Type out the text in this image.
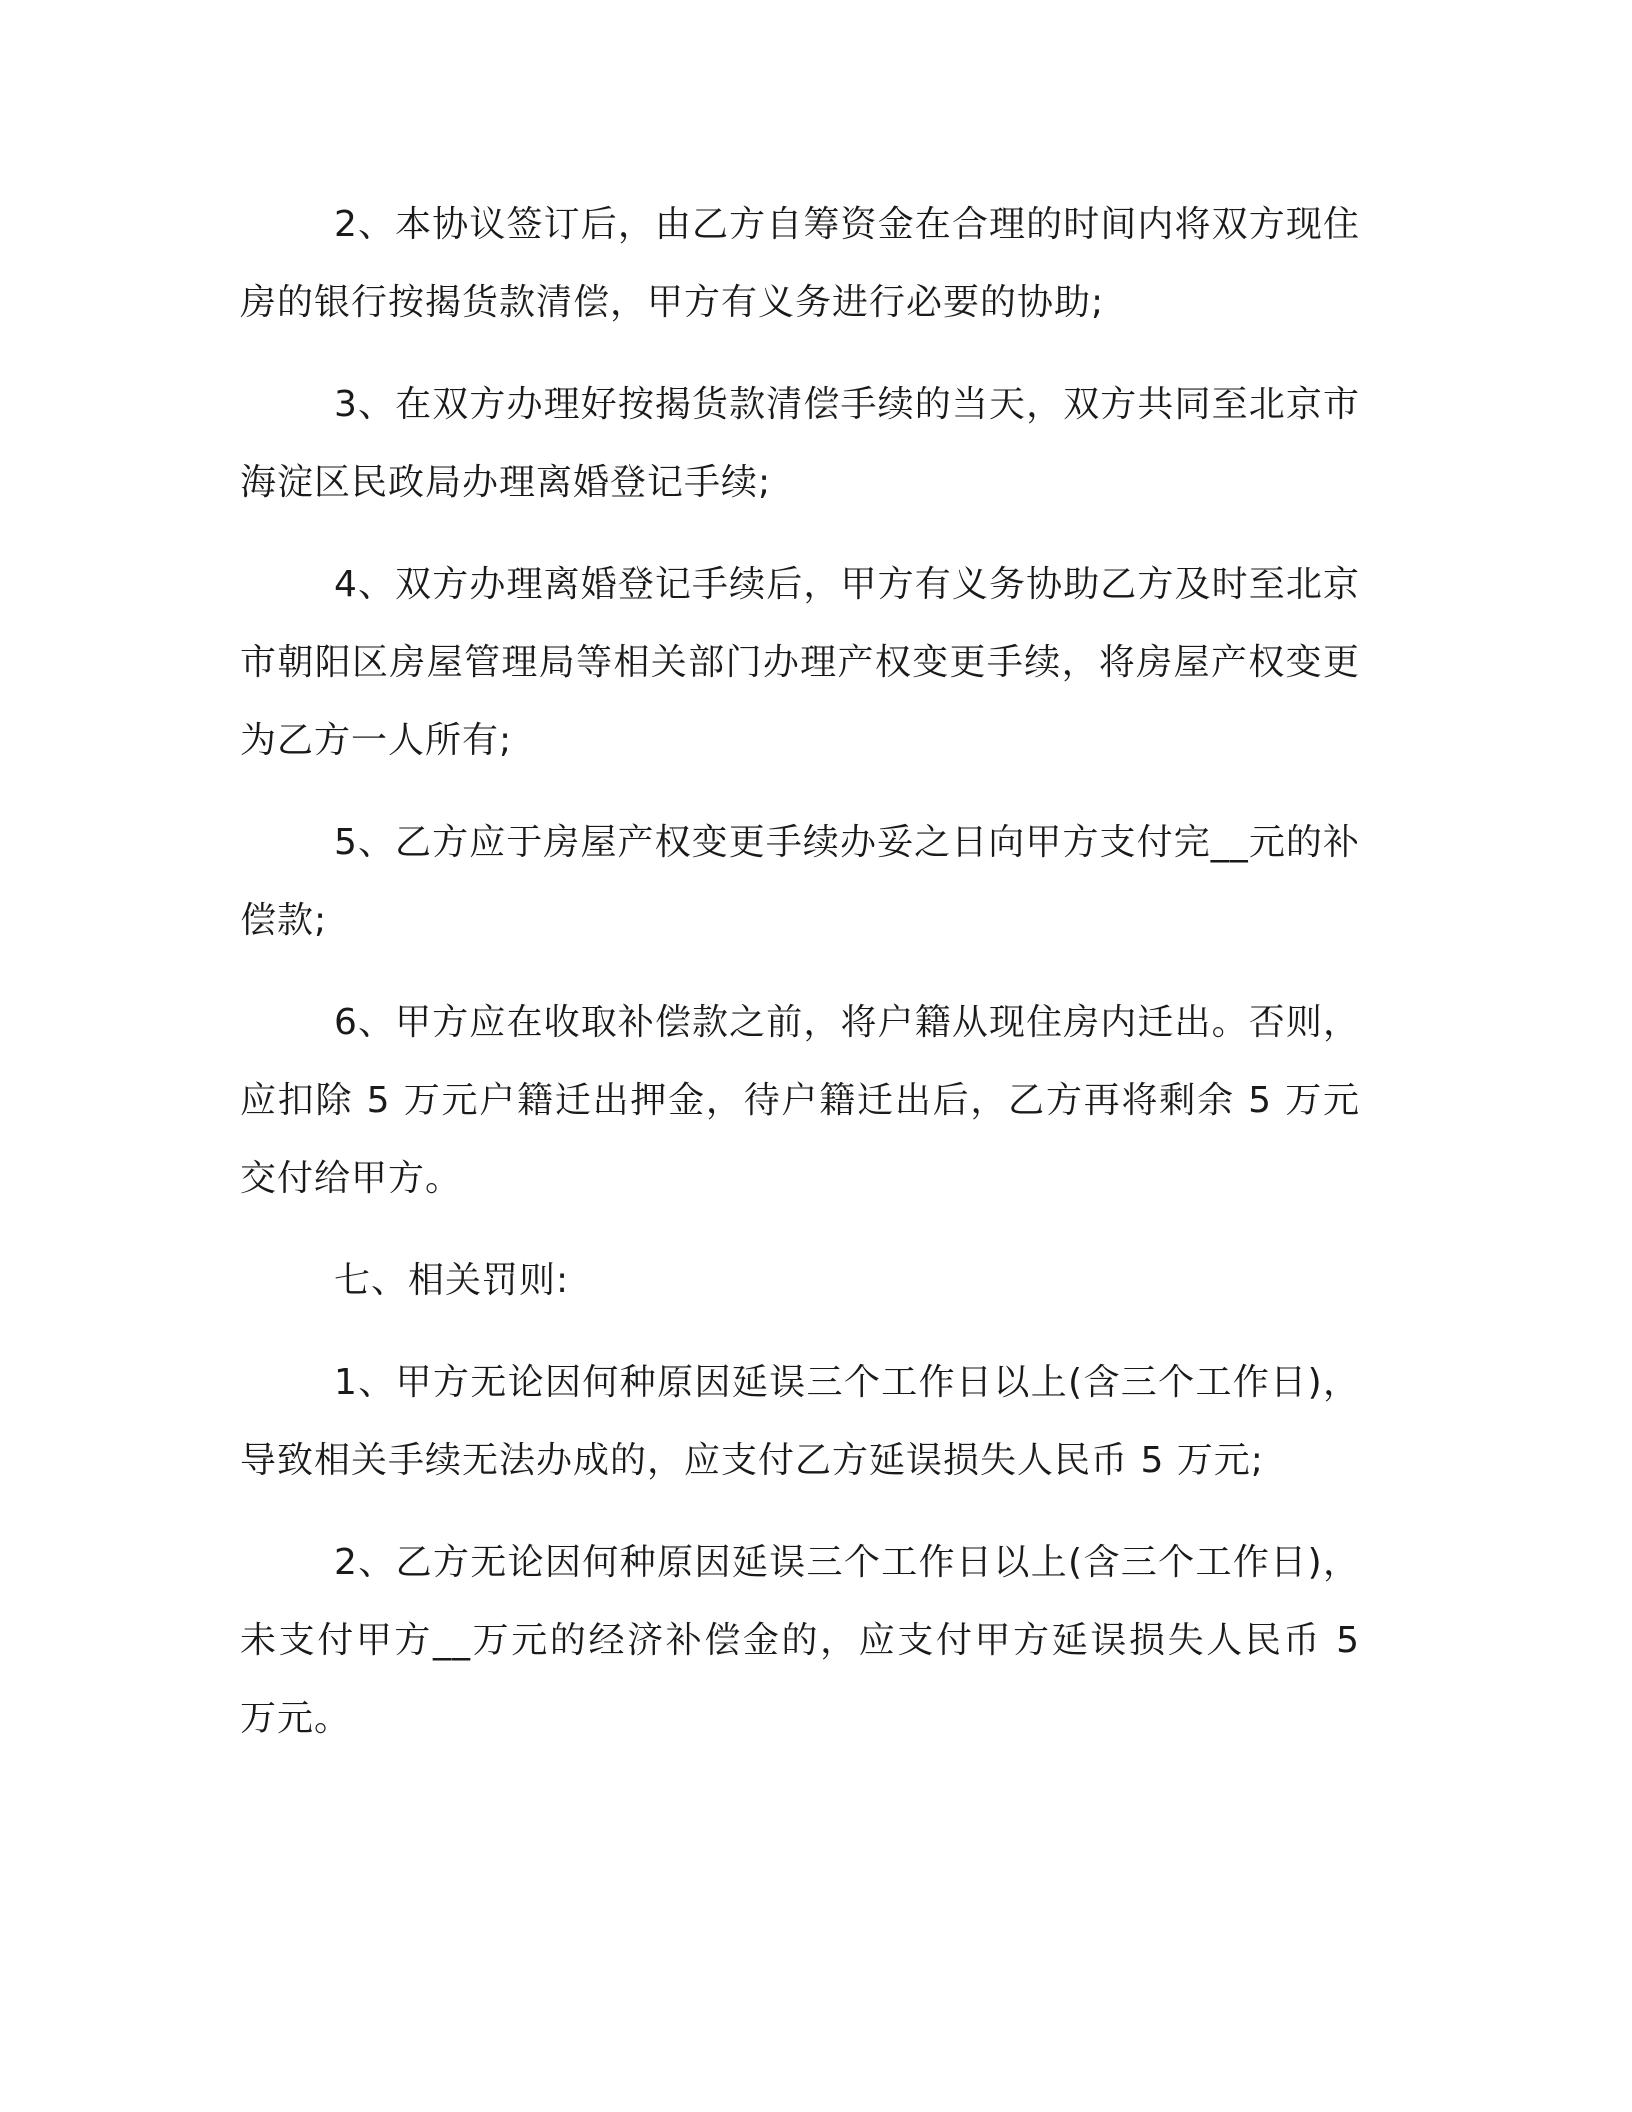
2、本协议签订后，由乙方自筹资金在合理的时间内将双方现住房的银行按揭货款清偿，甲方有义务进行必要的协助;

3、在双方办理好按揭货款清偿手续的当天，双方共同至北京市海淀区民政局办理离婚登记手续;

4、双方办理离婚登记手续后，甲方有义务协助乙方及时至北京市朝阳区房屋管理局等相关部门办理产权变更手续，将房屋产权变更为乙方一人所有;

5、乙方应于房屋产权变更手续办妥之日向甲方支付完__元的补偿款;

6、甲方应在收取补偿款之前，将户籍从现住房内迁出。否则，应扣除 5 万元户籍迁出押金，待户籍迁出后，乙方再将剩余 5 万元交付给甲方。

七、相关罚则:

1、甲方无论因何种原因延误三个工作日以上(含三个工作日)，导致相关手续无法办成的，应支付乙方延误损失人民币 5 万元;

2、乙方无论因何种原因延误三个工作日以上(含三个工作日)，未支付甲方__万元的经济补偿金的，应支付甲方延误损失人民币 5 万元。
